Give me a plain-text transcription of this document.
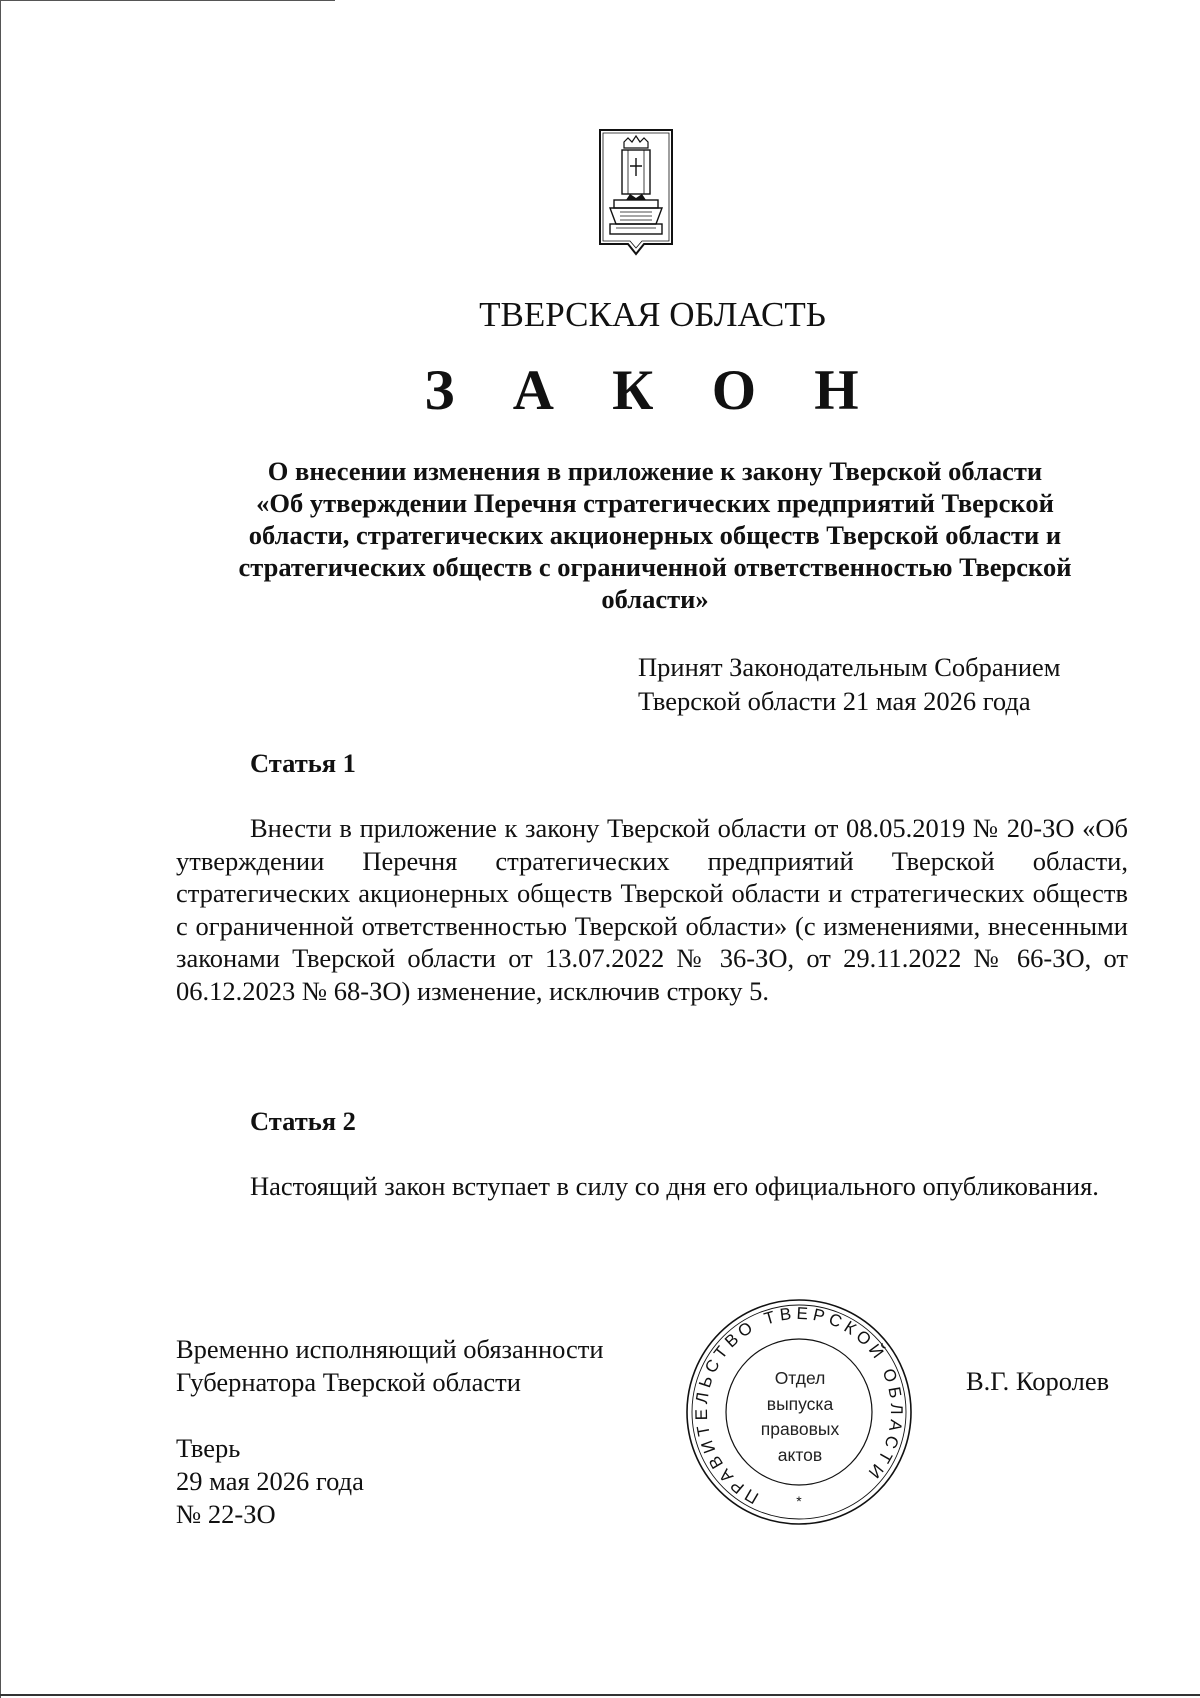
ТВЕРСКАЯ ОБЛАСТЬ
З А К О Н
О внесении изменения в приложение к закону Тверской области
«Об утверждении Перечня стратегических предприятий Тверской
области, стратегических акционерных обществ Тверской области и
стратегических обществ с ограниченной ответственностью Тверской
области»
Принят Законодательным Собранием
Тверской области 21 мая 2026 года
Статья 1
Внести в приложение к закону Тверской области от 08.05.2019 № 20-ЗО «Об утверждении Перечня стратегических предприятий Тверской области, стратегических акционерных обществ Тверской области и стратегических обществ с ограниченной ответственностью Тверской области» (с изменениями, внесенными законами Тверской области от 13.07.2022 № 36-ЗО, от 29.11.2022 № 66-ЗО, от 06.12.2023 № 68-ЗО) изменение, исключив строку 5.
Статья 2
Настоящий закон вступает в силу со дня его официального опубликования.
Временно исполняющий обязанности
Губернатора Тверской области	В.Г. Королев
Тверь
29 мая 2026 года
№ 22-ЗО
ПРАВИТЕЛЬСТВО ТВЕРСКОЙ ОБЛАСТИ
*
Отдел
выпуска
правовых
актов
